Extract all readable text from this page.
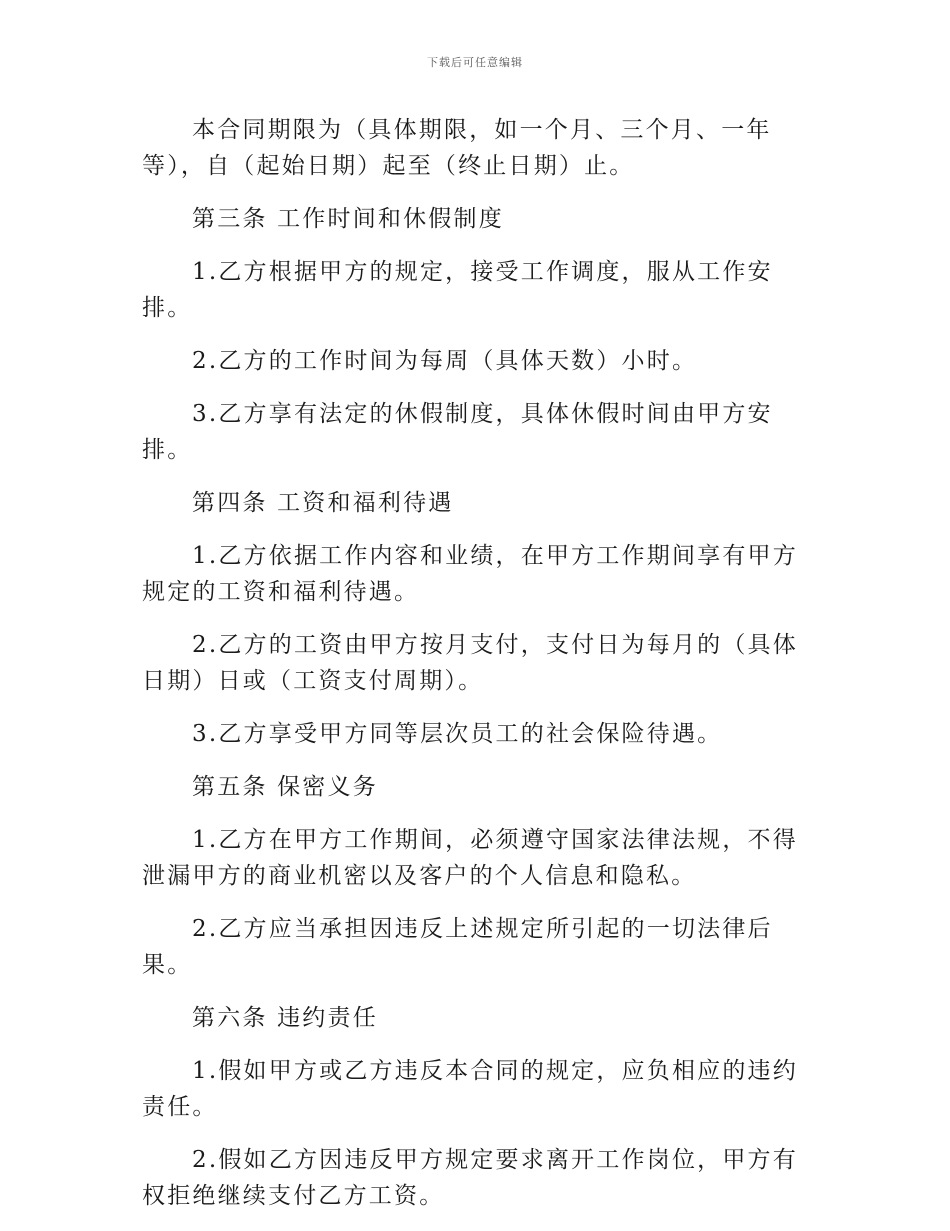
下载后可任意编辑

本合同期限为（具体期限，如一个月、三个月、一年等），自（起始日期）起至（终止日期）止。

第三条 工作时间和休假制度

1.乙方根据甲方的规定，接受工作调度，服从工作安排。

2.乙方的工作时间为每周（具体天数）小时。

3.乙方享有法定的休假制度，具体休假时间由甲方安排。

第四条 工资和福利待遇

1.乙方依据工作内容和业绩，在甲方工作期间享有甲方规定的工资和福利待遇。

2.乙方的工资由甲方按月支付，支付日为每月的（具体日期）日或（工资支付周期）。

3.乙方享受甲方同等层次员工的社会保险待遇。

第五条 保密义务

1.乙方在甲方工作期间，必须遵守国家法律法规，不得泄漏甲方的商业机密以及客户的个人信息和隐私。

2.乙方应当承担因违反上述规定所引起的一切法律后果。

第六条 违约责任

1.假如甲方或乙方违反本合同的规定，应负相应的违约责任。

2.假如乙方因违反甲方规定要求离开工作岗位，甲方有权拒绝继续支付乙方工资。
